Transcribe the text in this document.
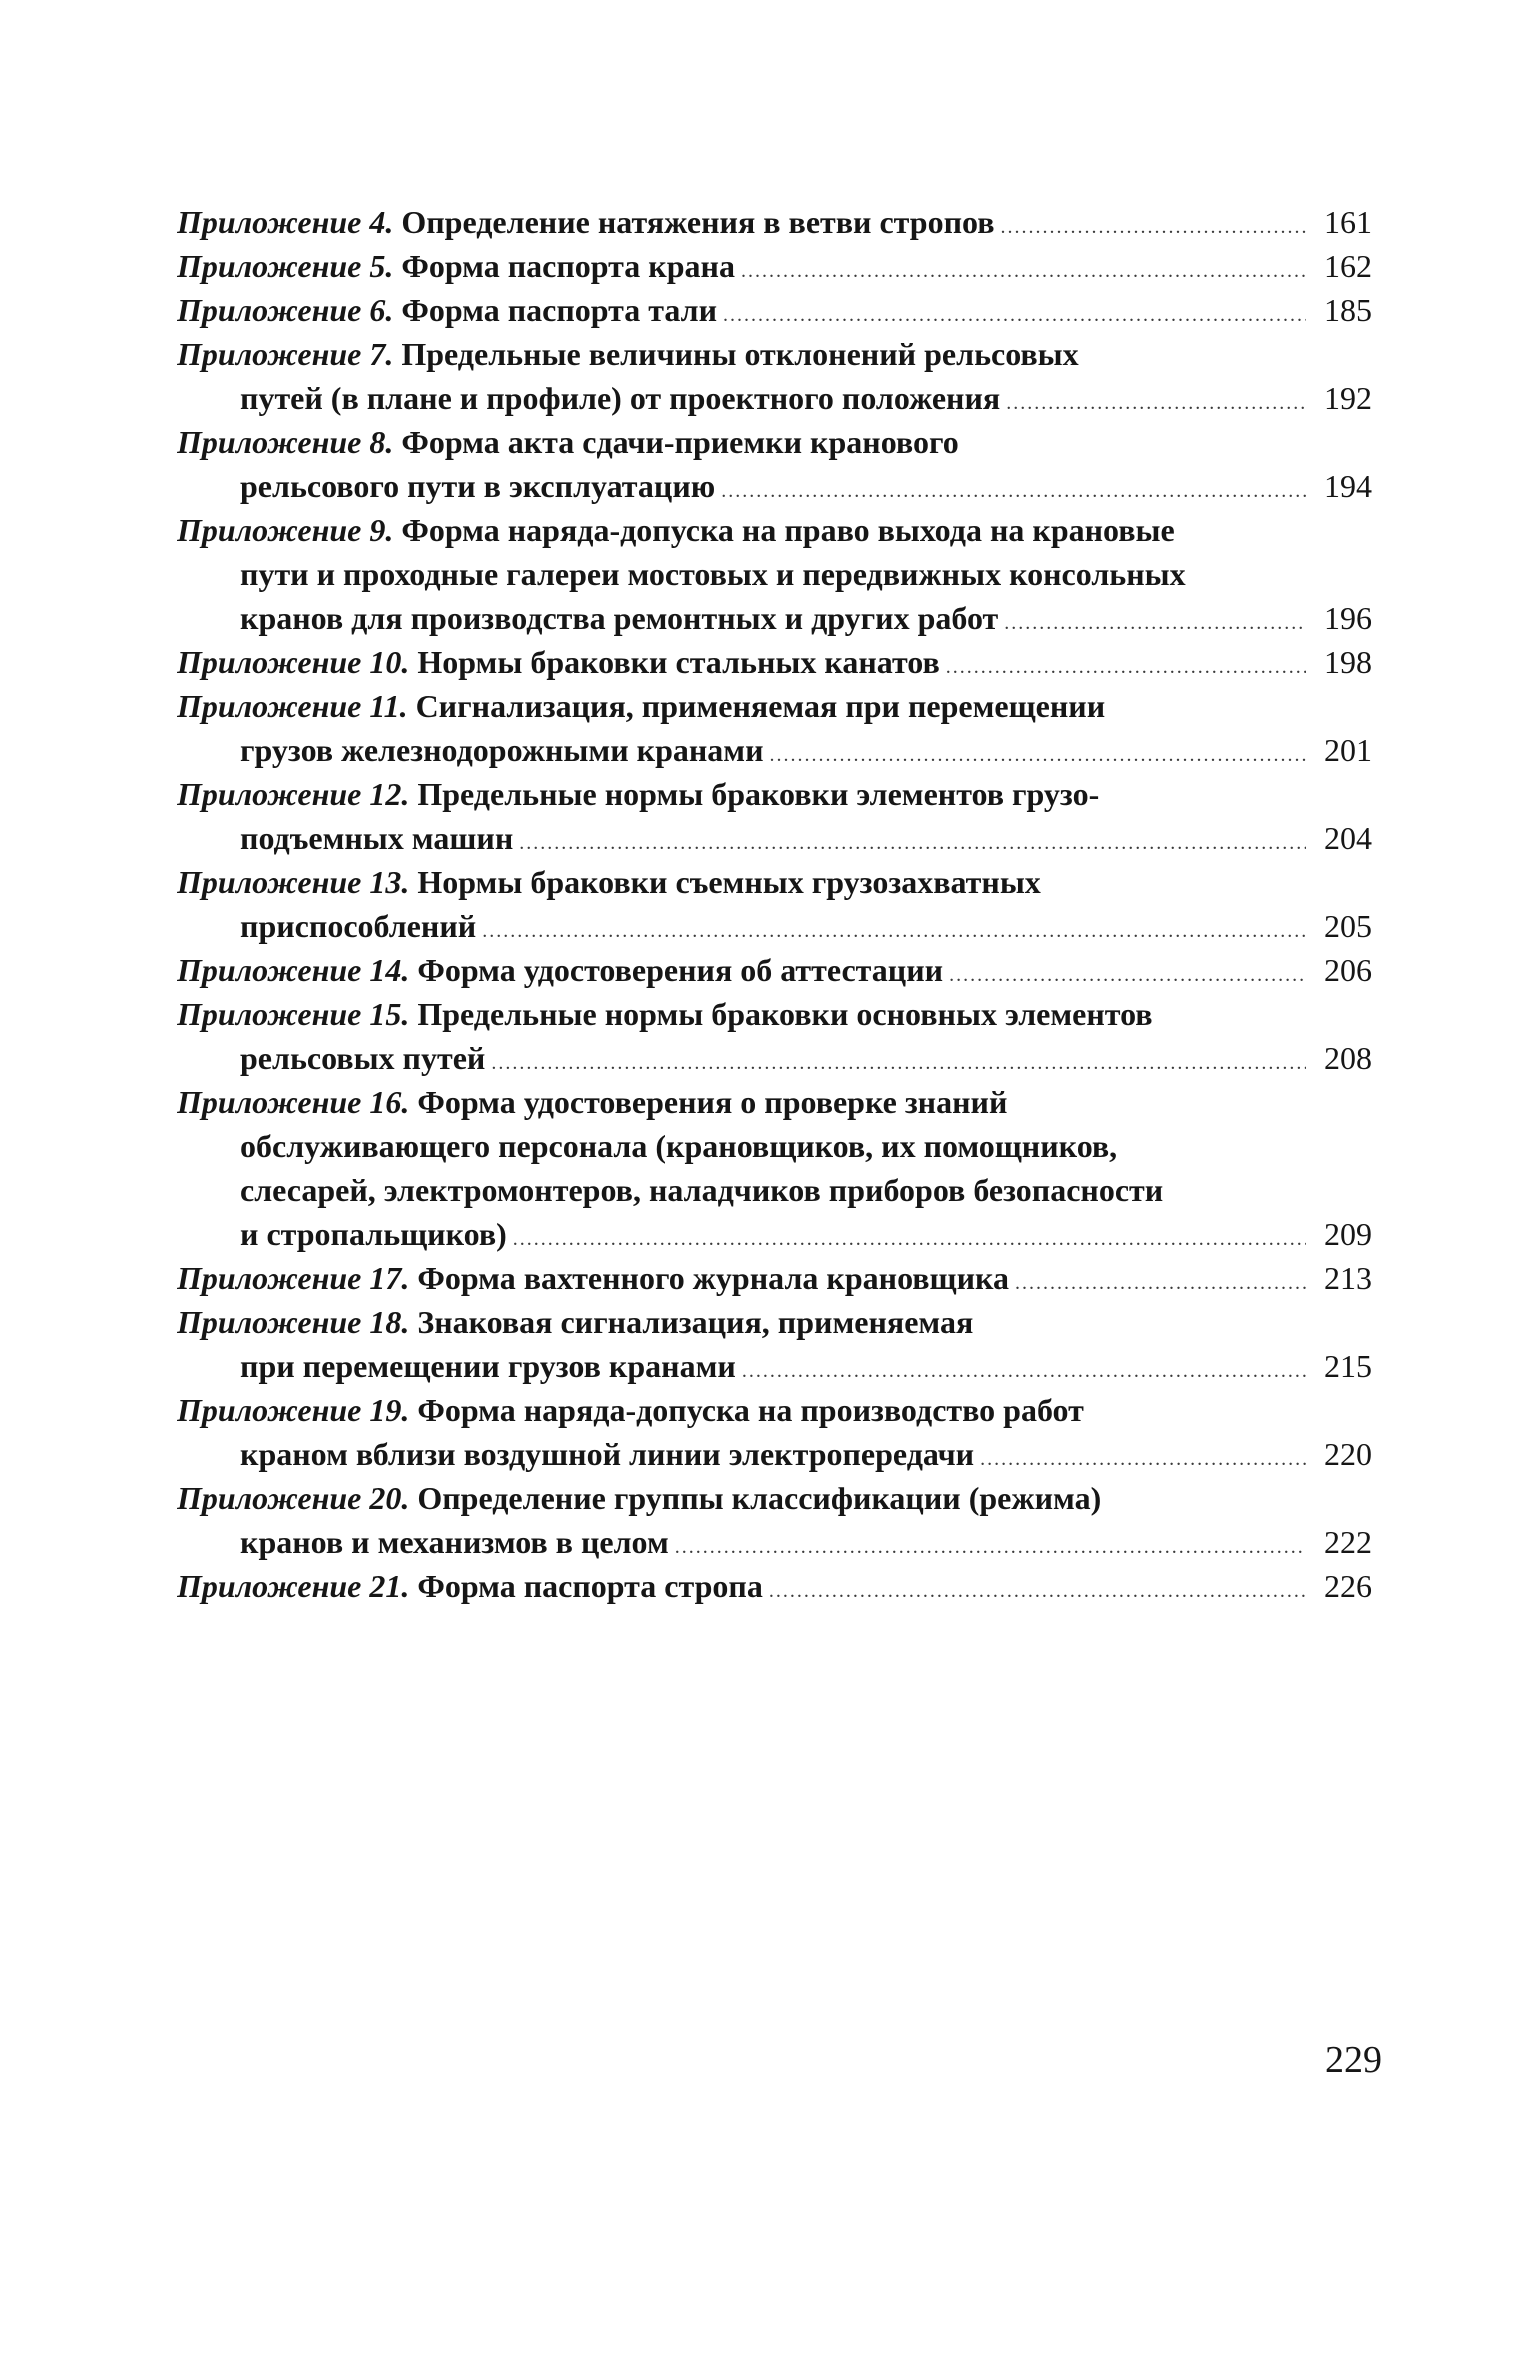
Приложение 4. Определение натяжения в ветви стропов .....	161
Приложение 5. Форма паспорта крана .....	162
Приложение 6. Форма паспорта тали .....	185
Приложение 7. Предельные величины отклонений рельсовых
путей (в плане и профиле) от проектного положения .....	192
Приложение 8. Форма акта сдачи-приемки кранового
рельсового пути в эксплуатацию .....	194
Приложение 9. Форма наряда-допуска на право выхода на крановые
пути и проходные галереи мостовых и передвижных консольных
кранов для производства ремонтных и других работ .....	196
Приложение 10. Нормы браковки стальных канатов .....	198
Приложение 11. Сигнализация, применяемая при перемещении
грузов железнодорожными кранами .....	201
Приложение 12. Предельные нормы браковки элементов грузо-
подъемных машин .....	204
Приложение 13. Нормы браковки съемных грузозахватных
приспособлений .....	205
Приложение 14. Форма удостоверения об аттестации .....	206
Приложение 15. Предельные нормы браковки основных элементов
рельсовых путей .....	208
Приложение 16. Форма удостоверения о проверке знаний
обслуживающего персонала (крановщиков, их помощников,
слесарей, электромонтеров, наладчиков приборов безопасности
и стропальщиков) .....	209
Приложение 17. Форма вахтенного журнала крановщика .....	213
Приложение 18. Знаковая сигнализация, применяемая
при перемещении грузов кранами .....	215
Приложение 19. Форма наряда-допуска на производство работ
краном вблизи воздушной линии электропередачи .....	220
Приложение 20. Определение группы классификации (режима)
кранов и механизмов в целом .....	222
Приложение 21. Форма паспорта стропа .....	226
229
